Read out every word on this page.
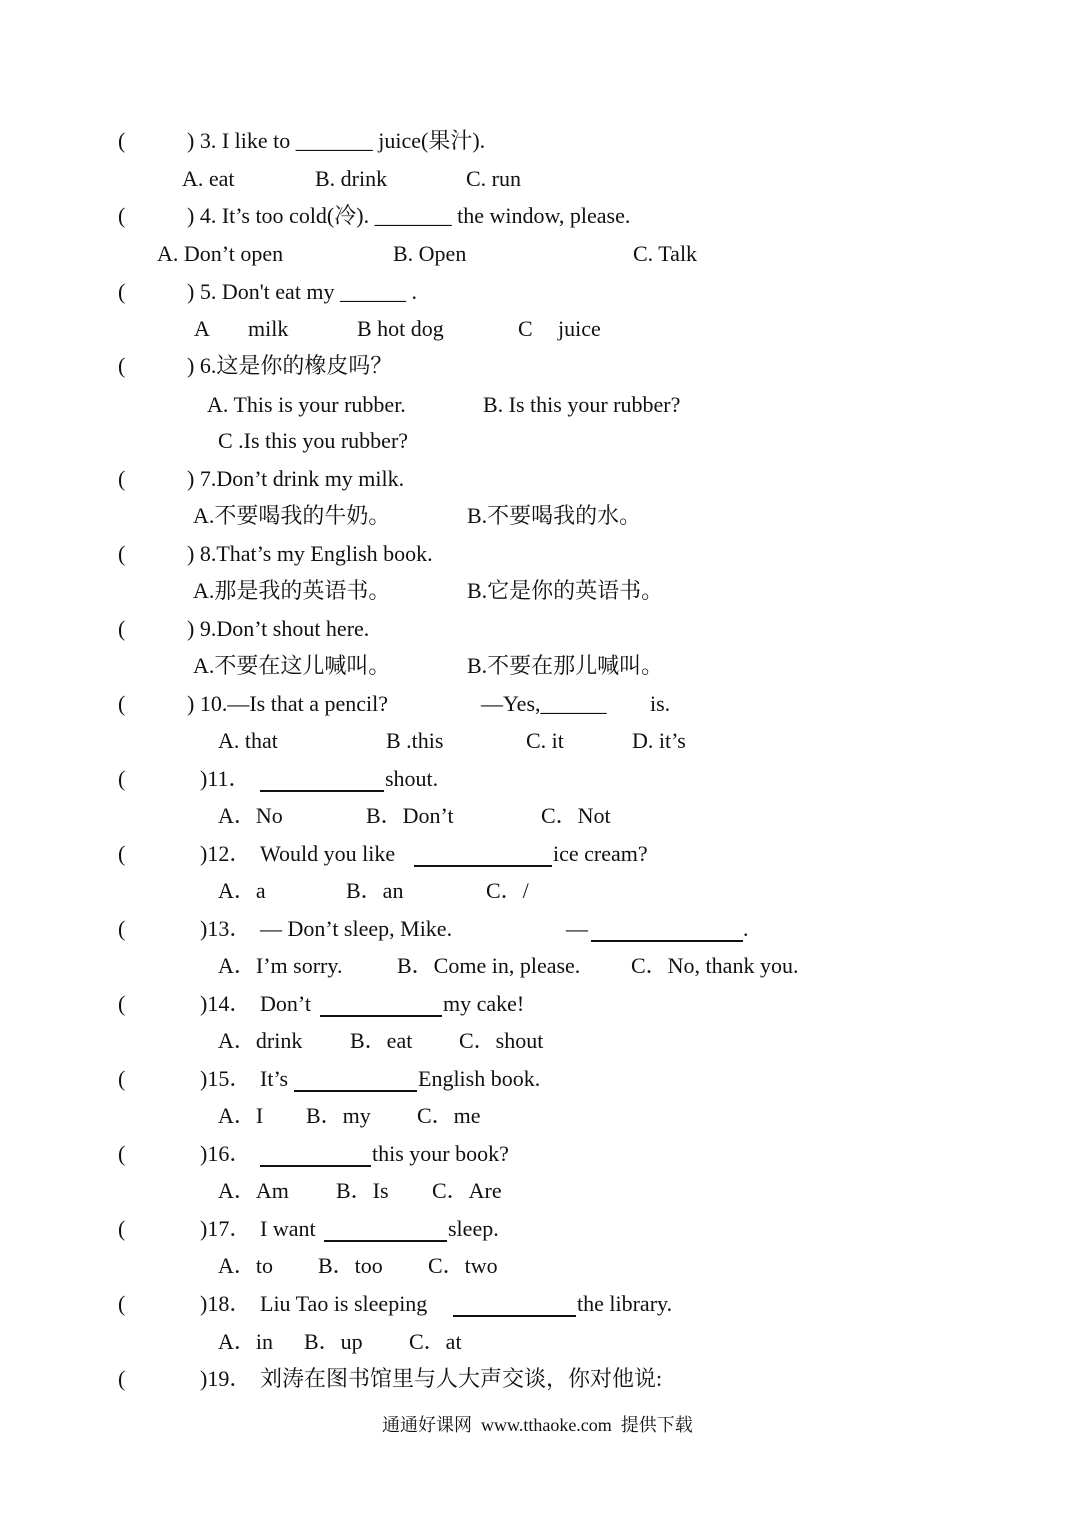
(	) 3. I like to _______ juice(果汁).
A. eat	B. drink	C. run
(	) 4. It’s too cold(冷). _______ the window, please.
A. Don’t open	B. Open	C. Talk
(	) 5. Don't eat my ______ .
A milk	B hot dog	C juice
(	) 6.这是你的橡皮吗？
A. This is your rubber.	B. Is this your rubber?
C .Is this you rubber?
(	) 7.Don’t drink my milk.
A.不要喝我的牛奶。	B.不要喝我的水。
(	) 8.That’s my English book.
A.那是我的英语书。	B.它是你的英语书。
(	) 9.Don’t shout here.
A.不要在这儿喊叫。	B.不要在那儿喊叫。
(	) 10.—Is that a pencil?	—Yes,______ is.
A. that	B .this	C. it	D. it’s
(	)11．	shout.
A．No	B．Don’t	C．Not
(	)12． Would you like	ice cream?
A．a	B．an	C．/
(	)13． — Don’t sleep, Mike.	—	.
A．I’m sorry. B．Come in, please. C．No, thank you.
(	)14． Don’t	my cake!
A．drink B．eat C．shout
(	)15． It’s	English book.
A．I B．my C．me
(	)16．	this your book?
A．Am B．Is C．Are
(	)17． I want	sleep.
A．to B．too C．two
(	)18． Liu Tao is sleeping	the library.
A．in B．up C．at
(	)19． 刘涛在图书馆里与人大声交谈，你对他说:
通通好课网  www.tthaoke.com  提供下载
